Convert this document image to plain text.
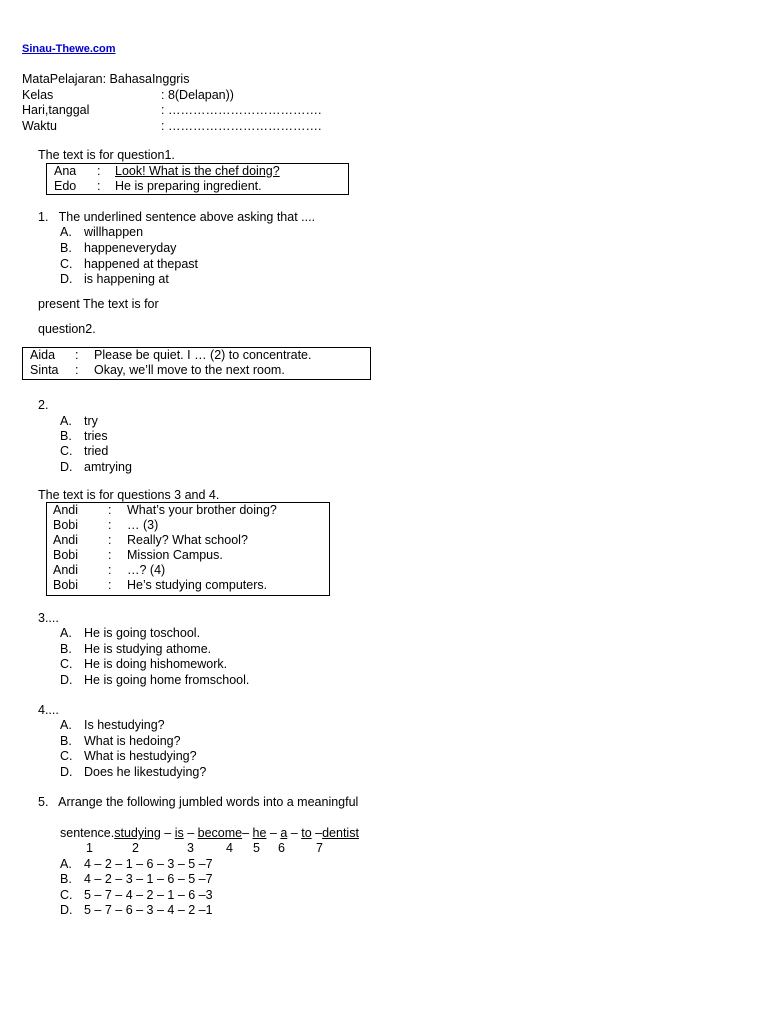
Sinau-Thewe.com
MataPelajaran: BahasaInggris
Kelas	: 8(Delapan))
Hari,tanggal	: ……………………………….
Waktu	: ……………………………….
The text is for question1.
Ana : Look! What is the chef doing?
Edo : He is preparing ingredient.
1.   The underlined sentence above asking that ....
A. willhappen
B. happeneveryday
C. happened at thepast
D. is happening at
present The text is for
question2.
Aida : Please be quiet. I … (2) to concentrate.
Sinta : Okay, we’ll move to the next room.
2.
A. try
B. tries
C. tried
D. amtrying
The text is for questions 3 and 4.
Andi : What’s your brother doing?
Bobi : … (3)
Andi : Really? What school?
Bobi : Mission Campus.
Andi : …? (4)
Bobi : He’s studying computers.
3....
A. He is going toschool.
B. He is studying athome.
C. He is doing hishomework.
D. He is going home fromschool.
4....
A. Is hestudying?
B. What is hedoing?
C. What is hestudying?
D. Does he likestudying?
5.   Arrange the following jumbled words into a meaningful
sentence.studying – is – become– he – a – to –dentist
1	2	3	4 5 6 7
A. 4 – 2 – 1 – 6 – 3 – 5 –7
B. 4 – 2 – 3 – 1 – 6 – 5 –7
C. 5 – 7 – 4 – 2 – 1 – 6 –3
D. 5 – 7 – 6 – 3 – 4 – 2 –1
